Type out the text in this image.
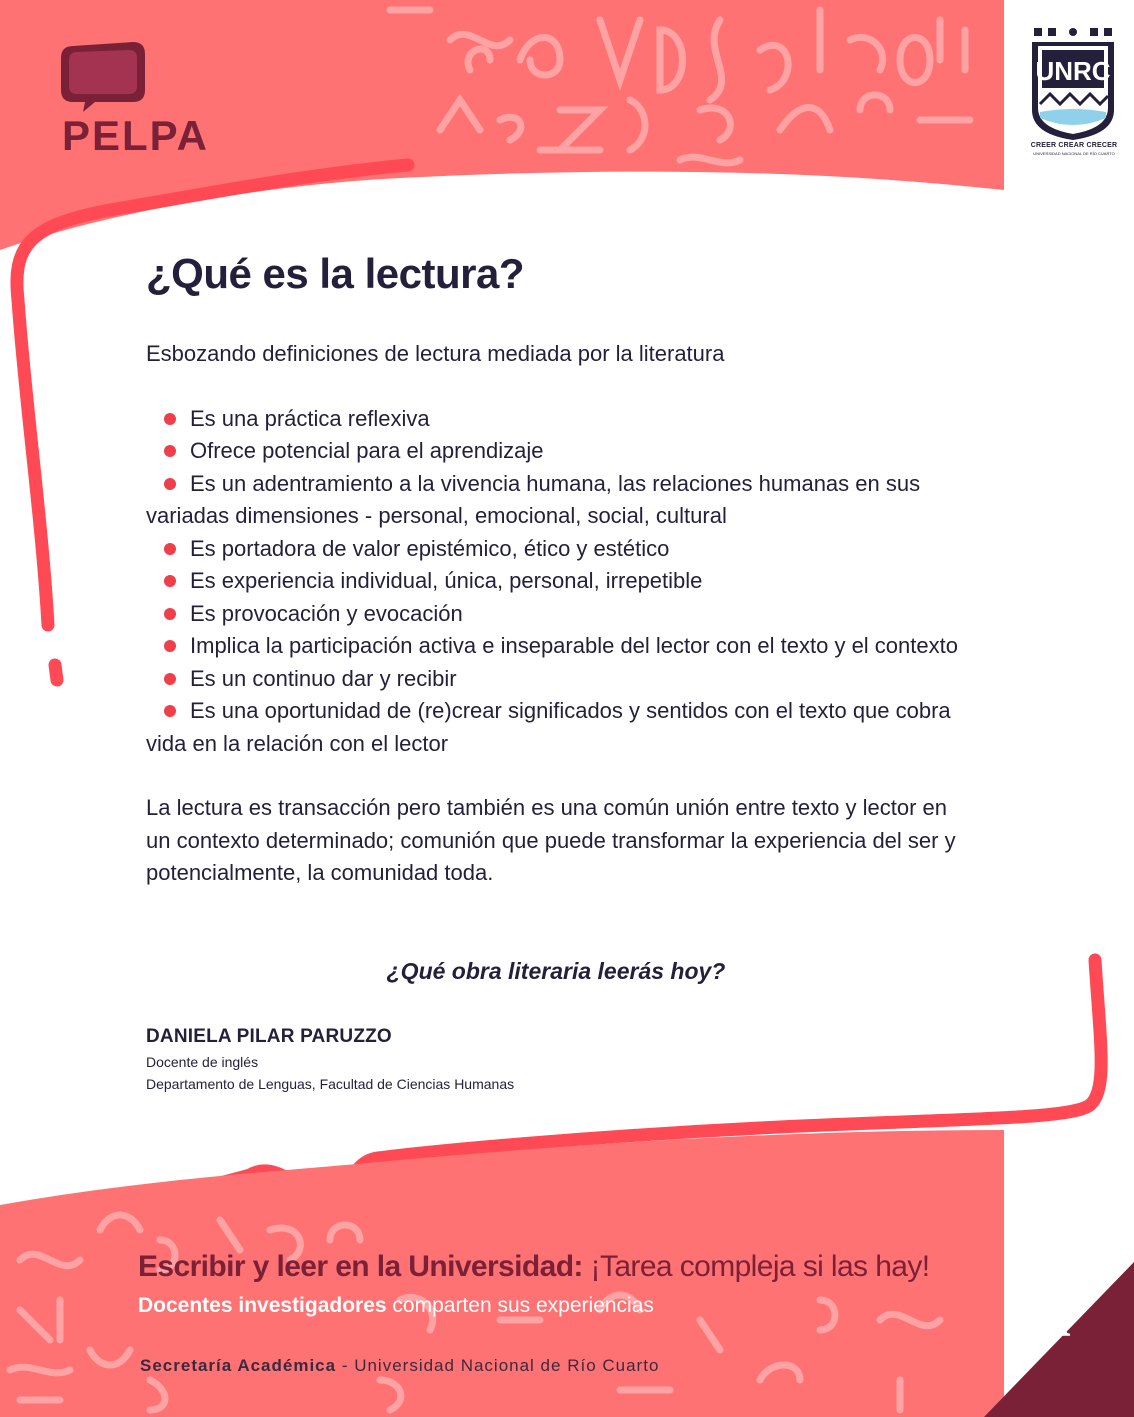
PELPA
UNRC
CREER CREAR CRECER
UNIVERSIDAD NACIONAL DE RÍO CUARTO
¿Qué es la lectura?

Esbozando definiciones de lectura mediada por la literatura

Es una práctica reflexiva
Ofrece potencial para el aprendizaje
Es un adentramiento a la vivencia humana, las relaciones humanas en sus variadas dimensiones - personal, emocional, social, cultural
Es portadora de valor epistémico, ético y estético
Es experiencia individual, única, personal, irrepetible
Es provocación y evocación
Implica la participación activa e inseparable del lector con el texto y el contexto
Es un continuo dar y recibir
Es una oportunidad de (re)crear significados y sentidos con el texto que cobra vida en la relación con el lector

La lectura es transacción pero también es una común unión entre texto y lector en un contexto determinado; comunión que puede transformar la experiencia del ser y potencialmente, la comunidad toda.

¿Qué obra literaria leerás hoy?
DANIELA PILAR PARUZZO
Docente de inglés
Departamento de Lenguas, Facultad de Ciencias Humanas
Escribir y leer en la Universidad: ¡Tarea compleja si las hay!
Docentes investigadores comparten sus experiencias
Secretaría Académica - Universidad Nacional de Río Cuarto
A
